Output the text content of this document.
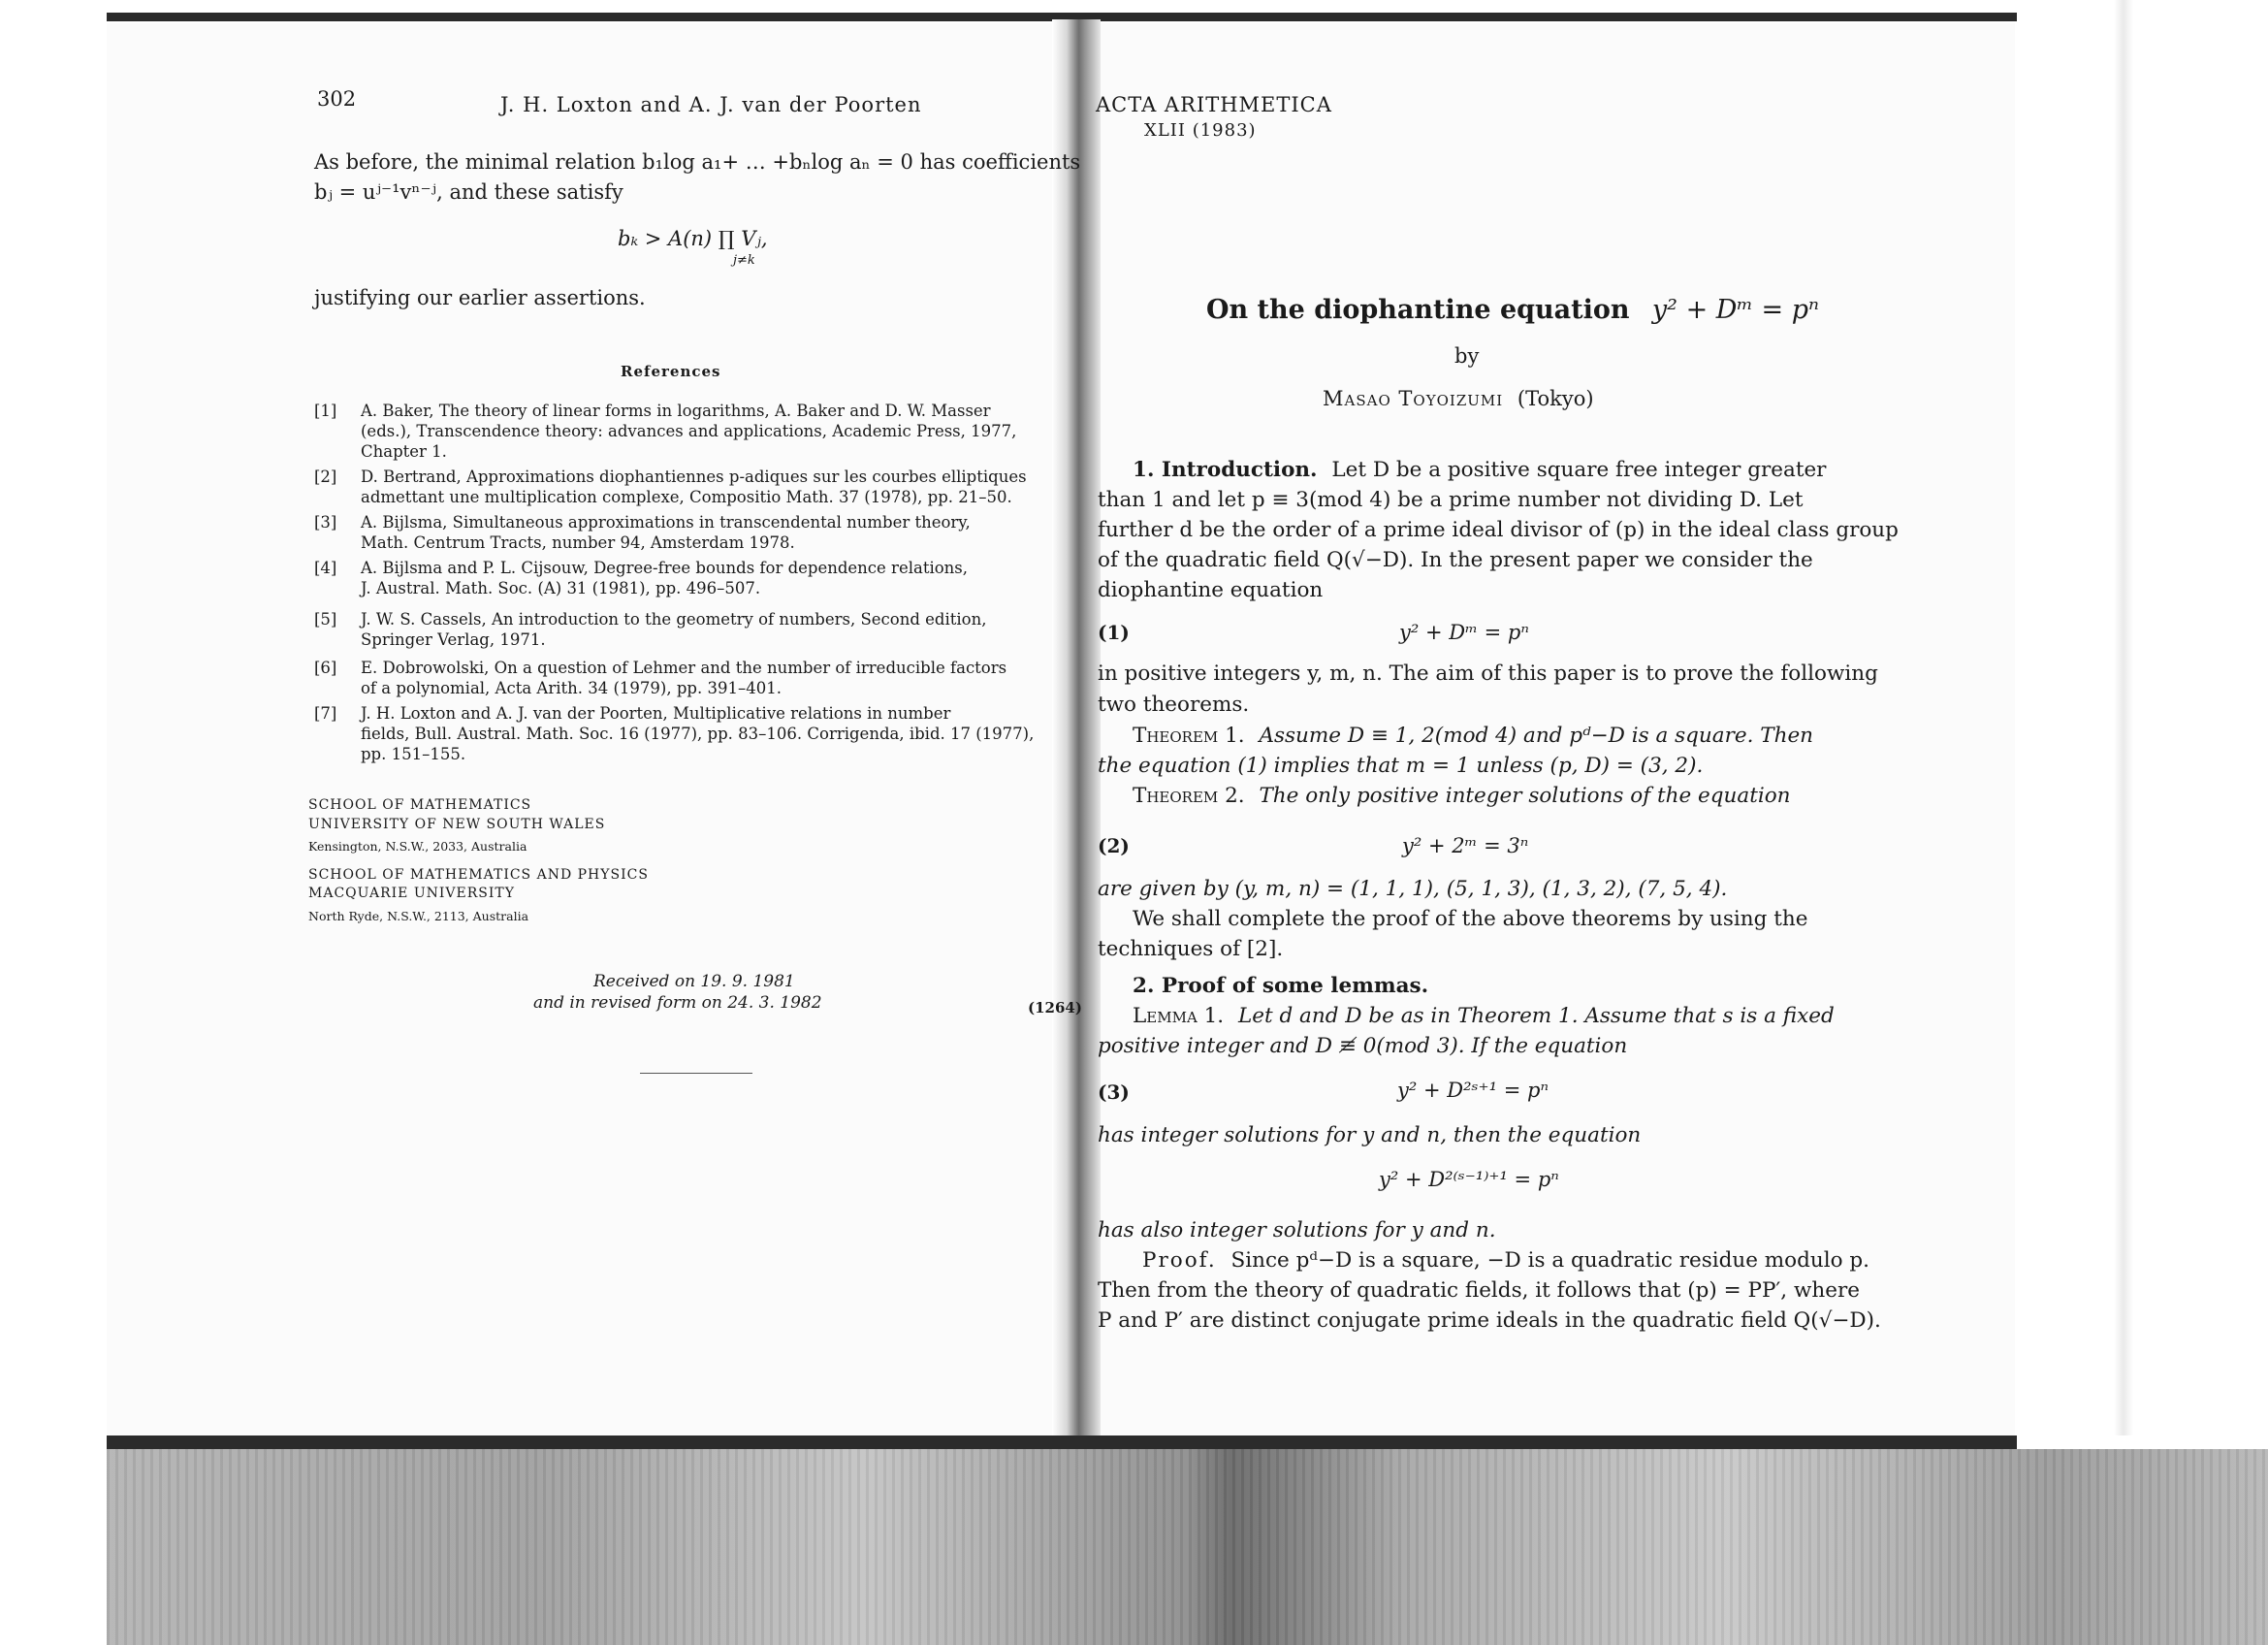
302	J. H. Loxton and A. J. van der Poorten
As before, the minimal relation b₁log a₁+ … +bₙlog aₙ = 0 has coefficients
bⱼ = uʲ⁻¹vⁿ⁻ʲ, and these satisfy
bₖ > A(n) ∏ Vⱼ,
j≠k
justifying our earlier assertions.
References
[1] A. Baker, The theory of linear forms in logarithms, A. Baker and D. W. Masser
(eds.), Transcendence theory: advances and applications, Academic Press, 1977,
Chapter 1.
[2] D. Bertrand, Approximations diophantiennes p-adiques sur les courbes elliptiques
admettant une multiplication complexe, Compositio Math. 37 (1978), pp. 21–50.
[3] A. Bijlsma, Simultaneous approximations in transcendental number theory,
Math. Centrum Tracts, number 94, Amsterdam 1978.
[4] A. Bijlsma and P. L. Cijsouw, Degree-free bounds for dependence relations,
J. Austral. Math. Soc. (A) 31 (1981), pp. 496–507.
[5] J. W. S. Cassels, An introduction to the geometry of numbers, Second edition,
Springer Verlag, 1971.
[6] E. Dobrowolski, On a question of Lehmer and the number of irreducible factors
of a polynomial, Acta Arith. 34 (1979), pp. 391–401.
[7] J. H. Loxton and A. J. van der Poorten, Multiplicative relations in number
fields, Bull. Austral. Math. Soc. 16 (1977), pp. 83–106. Corrigenda, ibid. 17 (1977),
pp. 151–155.
SCHOOL OF MATHEMATICS
UNIVERSITY OF NEW SOUTH WALES
Kensington, N.S.W., 2033, Australia
SCHOOL OF MATHEMATICS AND PHYSICS
MACQUARIE UNIVERSITY
North Ryde, N.S.W., 2113, Australia
Received on 19. 9. 1981
and in revised form on 24. 3. 1982	(1264)
ACTA ARITHMETICA
XLII (1983)
On the diophantine equation y² + Dᵐ = pⁿ
by
Masao Toyoizumi (Tokyo)
1. Introduction. Let D be a positive square free integer greater
than 1 and let p ≡ 3(mod 4) be a prime number not dividing D. Let
further d be the order of a prime ideal divisor of (p) in the ideal class group
of the quadratic field Q(√−D). In the present paper we consider the
diophantine equation
(1)	y² + Dᵐ = pⁿ
in positive integers y, m, n. The aim of this paper is to prove the following
two theorems.
Theorem 1. Assume D ≡ 1, 2(mod 4) and pᵈ−D is a square. Then
the equation (1) implies that m = 1 unless (p, D) = (3, 2).
Theorem 2. The only positive integer solutions of the equation
(2)	y² + 2ᵐ = 3ⁿ
are given by (y, m, n) = (1, 1, 1), (5, 1, 3), (1, 3, 2), (7, 5, 4).
We shall complete the proof of the above theorems by using the
techniques of [2].
2. Proof of some lemmas.
Lemma 1. Let d and D be as in Theorem 1. Assume that s is a fixed
positive integer and D ≢ 0(mod 3). If the equation
(3)	y² + D²ˢ⁺¹ = pⁿ
has integer solutions for y and n, then the equation
y² + D²⁽ˢ⁻¹⁾⁺¹ = pⁿ
has also integer solutions for y and n.
Proof. Since pᵈ−D is a square, −D is a quadratic residue modulo p.
Then from the theory of quadratic fields, it follows that (p) = PP′, where
P and P′ are distinct conjugate prime ideals in the quadratic field Q(√−D).
